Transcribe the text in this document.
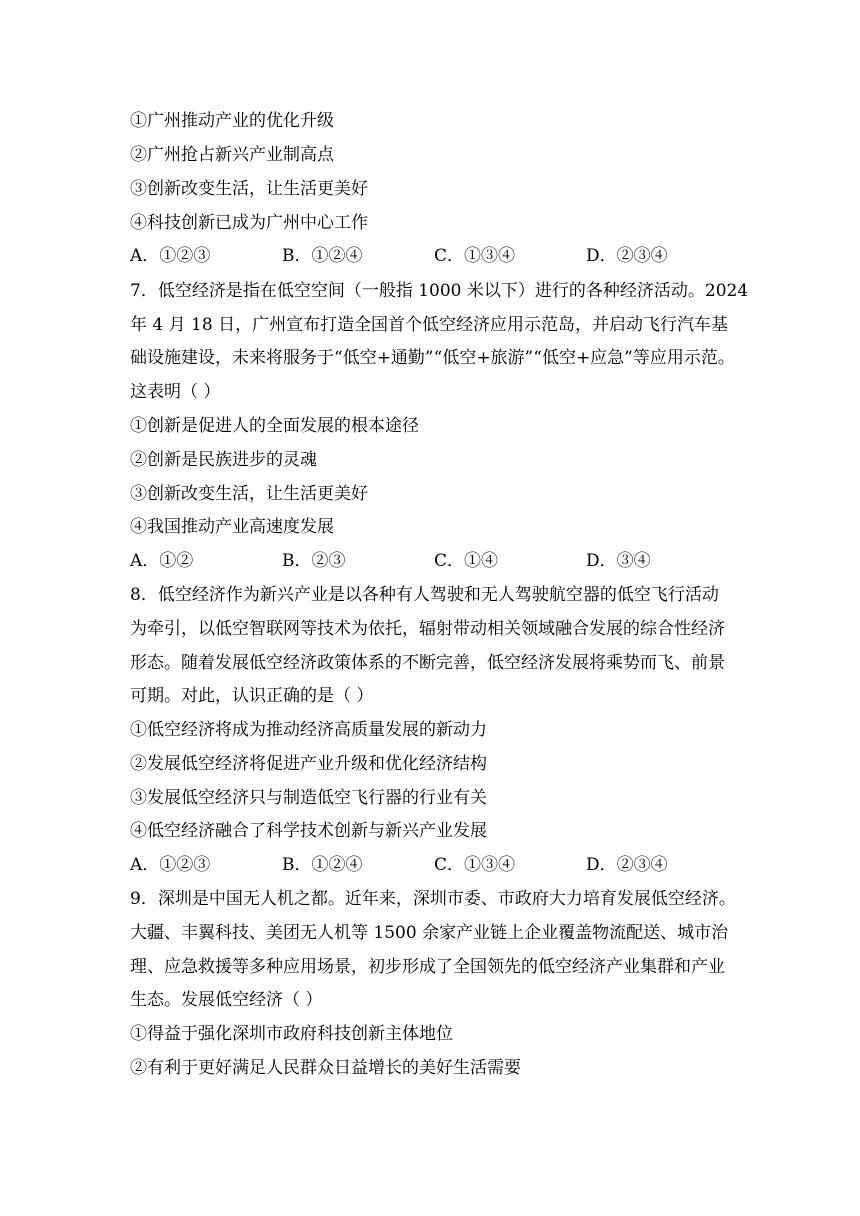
①广州推动产业的优化升级
②广州抢占新兴产业制高点
③创新改变生活，让生活更美好
④科技创新已成为广州中心工作
A．①②③	B．①②④	C．①③④	D．②③④
7．低空经济是指在低空空间（一般指 1000 米以下）进行的各种经济活动。2024
年 4 月 18 日，广州宣布打造全国首个低空经济应用示范岛，并启动飞行汽车基
础设施建设，未来将服务于“低空+通勤”“低空+旅游”“低空+应急”等应用示范。
这表明（ ）
①创新是促进人的全面发展的根本途径
②创新是民族进步的灵魂
③创新改变生活，让生活更美好
④我国推动产业高速度发展
A．①②	B．②③	C．①④	D．③④
8．低空经济作为新兴产业是以各种有人驾驶和无人驾驶航空器的低空飞行活动
为牵引，以低空智联网等技术为依托，辐射带动相关领域融合发展的综合性经济
形态。随着发展低空经济政策体系的不断完善，低空经济发展将乘势而飞、前景
可期。对此，认识正确的是（ ）
①低空经济将成为推动经济高质量发展的新动力
②发展低空经济将促进产业升级和优化经济结构
③发展低空经济只与制造低空飞行器的行业有关
④低空经济融合了科学技术创新与新兴产业发展
A．①②③	B．①②④	C．①③④	D．②③④
9．深圳是中国无人机之都。近年来，深圳市委、市政府大力培育发展低空经济。
大疆、丰翼科技、美团无人机等 1500 余家产业链上企业覆盖物流配送、城市治
理、应急救援等多种应用场景，初步形成了全国领先的低空经济产业集群和产业
生态。发展低空经济（ ）
①得益于强化深圳市政府科技创新主体地位
②有利于更好满足人民群众日益增长的美好生活需要
